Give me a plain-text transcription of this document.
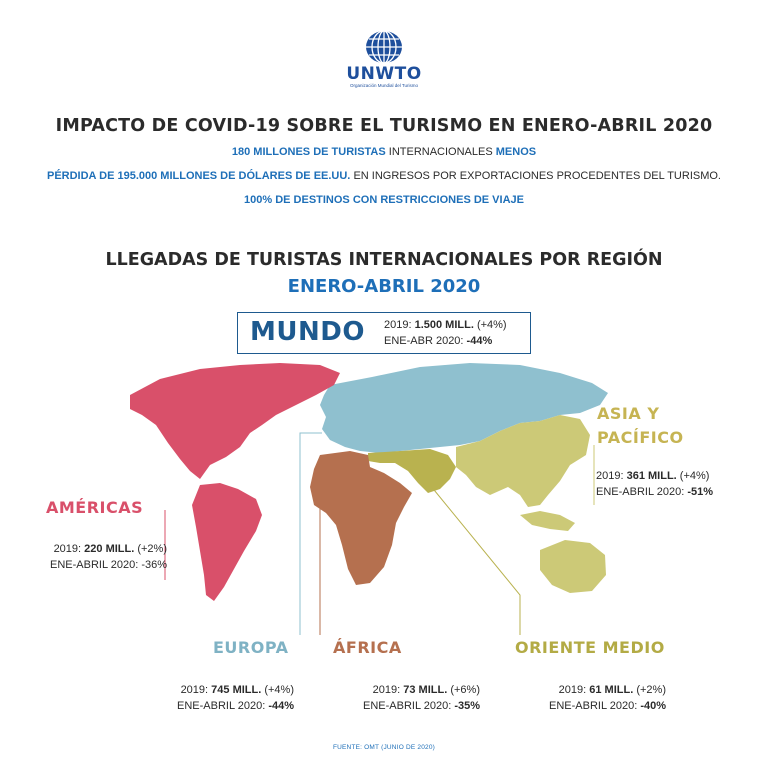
UNWTO
Organización Mundial del Turismo
IMPACTO DE COVID-19 SOBRE EL TURISMO EN ENERO-ABRIL 2020
180 MILLONES DE TURISTAS INTERNACIONALES MENOS
PÉRDIDA DE 195.000 MILLONES DE DÓLARES DE EE.UU. EN INGRESOS POR EXPORTACIONES PROCEDENTES DEL TURISMO.
100% DE DESTINOS CON RESTRICCIONES DE VIAJE
LLEGADAS DE TURISTAS INTERNACIONALES POR REGIÓN
ENERO-ABRIL 2020
MUNDO 2019: 1.500 MILL. (+4%)
ENE-ABR 2020: -44%
AMÉRICAS
2019: 220 MILL. (+2%)
ENE-ABRIL 2020: -36%
ASIA Y
PACÍFICO
2019: 361 MILL. (+4%)
ENE-ABRIL 2020: -51%
EUROPA
2019: 745 MILL. (+4%)
ENE-ABRIL 2020: -44%
ÁFRICA
2019: 73 MILL. (+6%)
ENE-ABRIL 2020: -35%
ORIENTE MEDIO
2019: 61 MILL. (+2%)
ENE-ABRIL 2020: -40%
FUENTE: OMT (JUNIO DE 2020)
